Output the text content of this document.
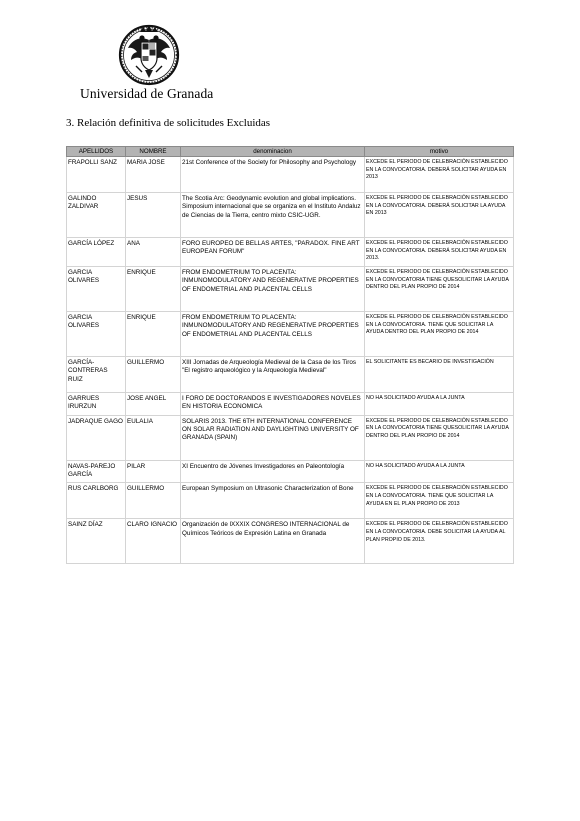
Universidad de Granada
3. Relación definitiva de solicitudes Excluidas
APELLIDOS	NOMBRE	denominacion	motivo
FRAPOLLI SANZ	MARIA JOSE	21st Conference of the Society for Philosophy and Psychology	EXCEDE EL PERIODO DE CELEBRACIÓN ESTABLECIDO EN LA CONVOCATORIA. DEBERÁ SOLICITAR AYUDA EN 2013
GALINDO ZALDIVAR	JESUS	The Scotia Arc: Geodynamic evolution and global implications. Simposium internacional que se organiza en el Instituto Andaluz de Ciencias de la Tierra, centro mixto CSIC-UGR.	EXCEDE EL PERIODO DE CELEBRACIÓN ESTABLECIDO EN LA CONVOCATORIA. DEBERÁ SOLICITAR LA AYUDA EN 2013
GARCÍA LÓPEZ	ANA	FORO EUROPEO DE BELLAS ARTES, "PARADOX. FINE ART EUROPEAN FORUM"	EXCEDE EL PERIODO DE CELEBRACIÓN ESTABLECIDO EN LA CONVOCATORIA. DEBERÁ SOLICITAR AYUDA EN 2013.
GARCIA OLIVARES	ENRIQUE	FROM ENDOMETRIUM TO PLACENTA: INMUNOMODULATORY AND REGENERATIVE PROPERTIES OF ENDOMETRIAL AND PLACENTAL CELLS	EXCEDE EL PERIODO DE CELEBRACIÓN ESTABLECIDO EN LA CONVOCATORIA TIENE QUESOLICITAR LA AYUDA DENTRO DEL PLAN PROPIO DE 2014
GARCIA OLIVARES	ENRIQUE	FROM ENDOMETRIUM TO PLACENTA: INMUNOMODULATORY AND REGENERATIVE PROPERTIES OF ENDOMETRIAL AND PLACENTAL CELLS	EXCEDE EL PERIODO DE CELEBRACIÓN ESTABLECIDO EN LA CONVOCATORIA. TIENE QUE SOLICITAR LA AYUDA DENTRO DEL PLAN PROPIO DE 2014
GARCÍA-CONTRERAS RUIZ	GUILLERMO	XIII Jornadas de Arqueología Medieval de la Casa de los Tiros "El registro arqueológico y la Arqueología Medieval"	EL SOLICITANTE ES BECARIO DE INVESTIGACIÓN
GARRUES IRURZUN	JOSE ANGEL	I FORO DE DOCTORANDOS E INVESTIGADORES NOVELES EN HISTORIA ECONOMICA	NO HA SOLICITADO AYUDA A LA JUNTA
JADRAQUE GAGO	EULALIA	SOLARIS 2013. THE 6TH INTERNATIONAL CONFERENCE ON SOLAR RADIATION AND DAYLIGHTING UNIVERSITY OF GRANADA (SPAIN)	EXCEDE EL PERIODO DE CELEBRACIÓN ESTABLECIDO EN LA CONVOCATORIA TIENE QUESOLICITAR LA AYUDA DENTRO DEL PLAN PROPIO DE 2014
NAVAS-PAREJO GARCÍA	PILAR	XI Encuentro de Jóvenes Investigadores en Paleontología	NO HA SOLICITADO AYUDA A LA JUNTA
RUS CARLBORG	GUILLERMO	European Symposium on Ultrasonic Characterization of Bone	EXCEDE EL PERIODO DE CELEBRACIÓN ESTABLECIDO EN LA CONVOCATORIA. TIENE QUE SOLICITAR LA AYUDA EN EL PLAN PROPIO DE 2013
SAINZ DÍAZ	CLARO IGNACIO	Organización de lXXXIX CONGRESO INTERNACIONAL de Químicos Teóricos de Expresión Latina en Granada	EXCEDE EL PERIODO DE CELEBRACIÓN ESTABLECIDO EN LA CONVOCATORIA. DEBE SOLICITAR LA AYUDA AL PLAN PROPIO DE 2013.
